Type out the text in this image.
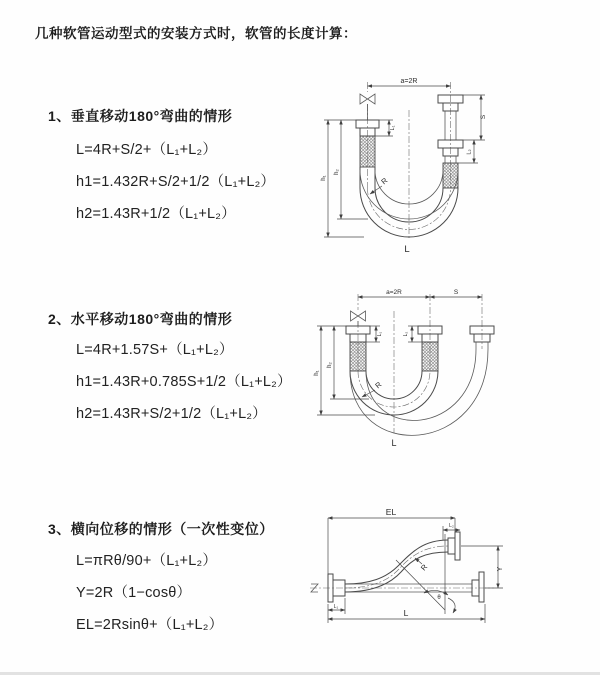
几种软管运动型式的安装方式时，软管的长度计算：
1、垂直移动180°弯曲的情形
L=4R+S/2+（L₁+L₂）
h1=1.432R+S/2+1/2（L₁+L₂）
h2=1.43R+1/2（L₁+L₂）
2、水平移动180°弯曲的情形
L=4R+1.57S+（L₁+L₂）
h1=1.43R+0.785S+1/2（L₁+L₂）
h2=1.43R+S/2+1/2（L₁+L₂）
3、横向位移的情形（一次性变位）
L=πRθ/90+（L₁+L₂）
Y=2R（1−cosθ）
EL=2Rsinθ+（L₁+L₂）
a=2R
h₁
h₂
L₁
S
L₂
R
L
a=2R	S
h₁
h₂
L₁	L₂
R
L
EL
L₂
Y
L₁
L
R
θ
